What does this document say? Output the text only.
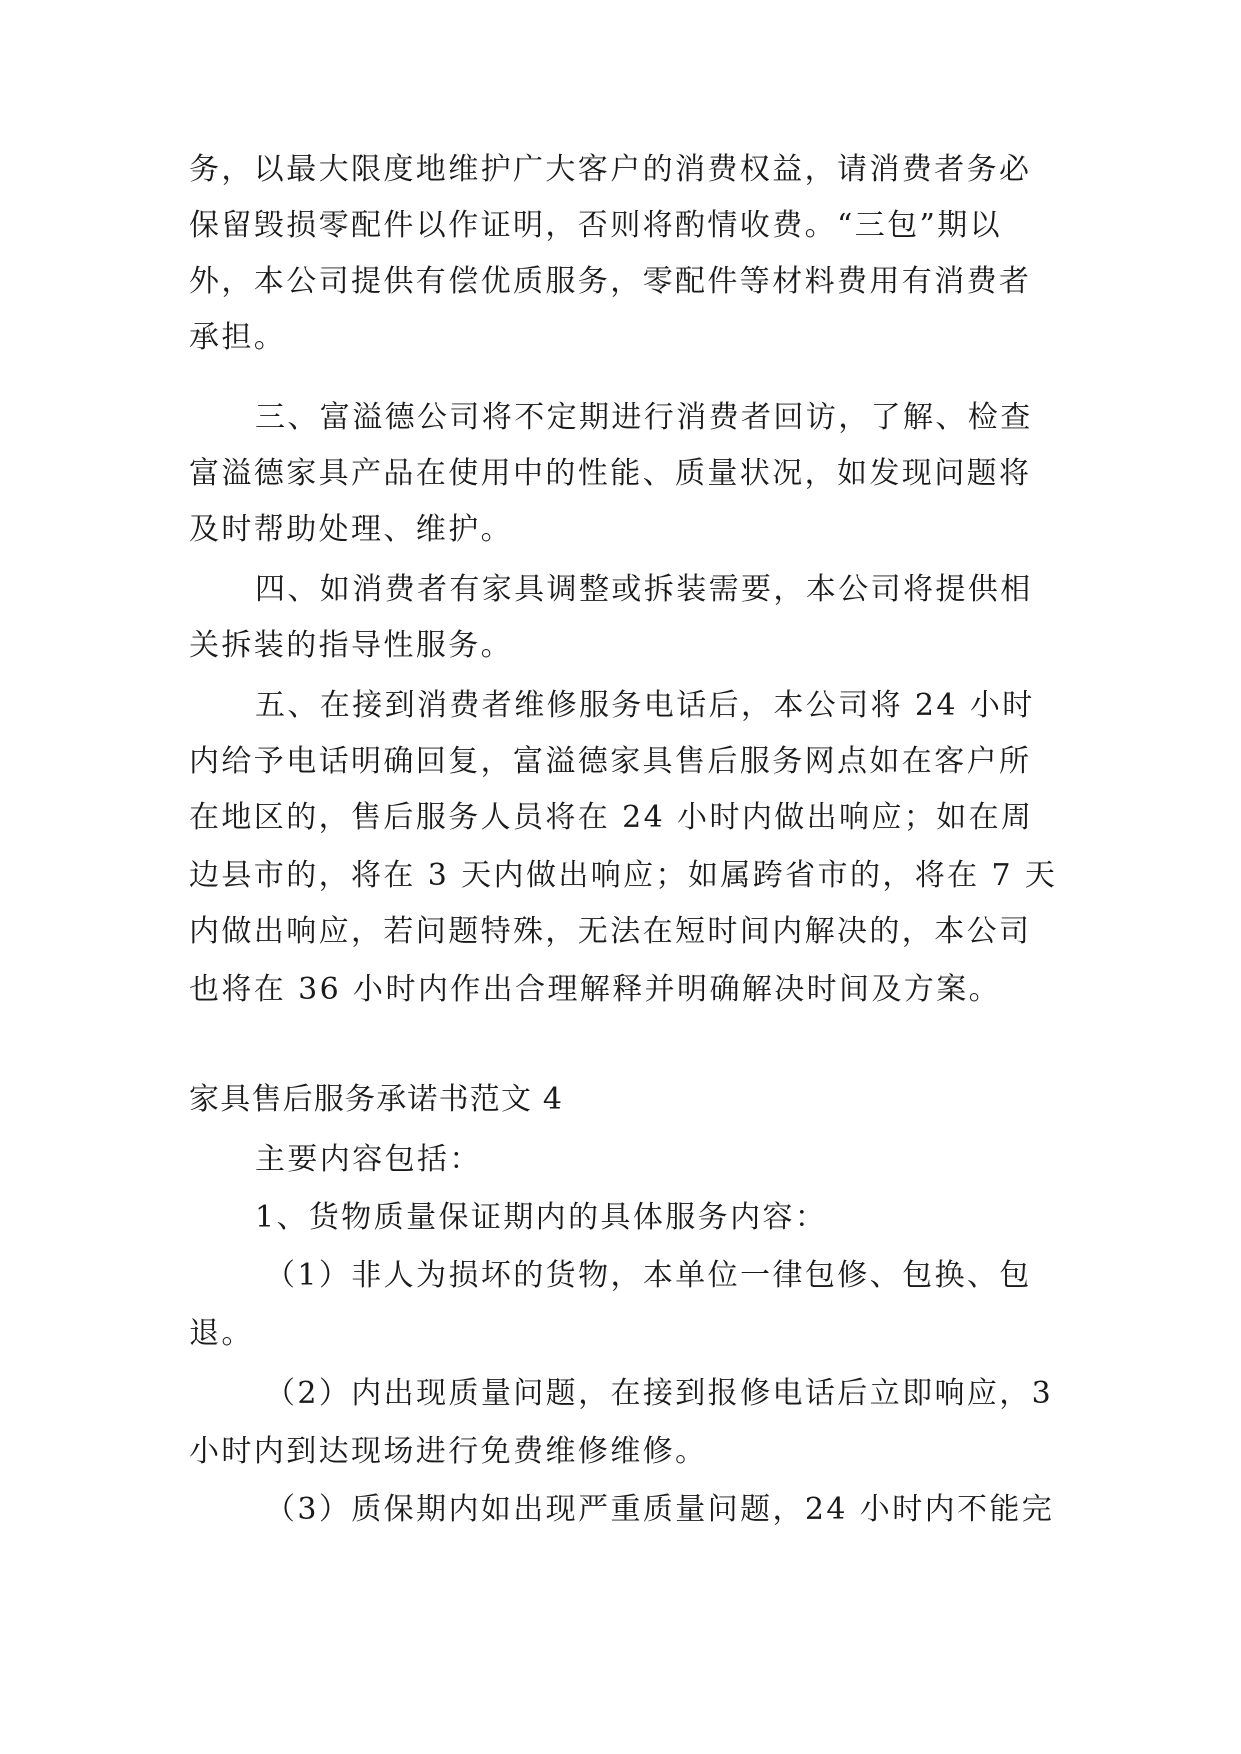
务，以最大限度地维护广大客户的消费权益，请消费者务必
保留毁损零配件以作证明，否则将酌情收费。“三包”期以
外，本公司提供有偿优质服务，零配件等材料费用有消费者
承担。
三、富溢德公司将不定期进行消费者回访，了解、检查
富溢德家具产品在使用中的性能、质量状况，如发现问题将
及时帮助处理、维护。
四、如消费者有家具调整或拆装需要，本公司将提供相
关拆装的指导性服务。
五、在接到消费者维修服务电话后，本公司将 24 小时
内给予电话明确回复，富溢德家具售后服务网点如在客户所
在地区的，售后服务人员将在 24 小时内做出响应；如在周
边县市的，将在 3 天内做出响应；如属跨省市的，将在 7 天
内做出响应，若问题特殊，无法在短时间内解决的，本公司
也将在 36 小时内作出合理解释并明确解决时间及方案。
家具售后服务承诺书范文 4
主要内容包括：
1、货物质量保证期内的具体服务内容：
（1）非人为损坏的货物，本单位一律包修、包换、包
退。
（2）内出现质量问题，在接到报修电话后立即响应，3
小时内到达现场进行免费维修维修。
（3）质保期内如出现严重质量问题，24 小时内不能完
